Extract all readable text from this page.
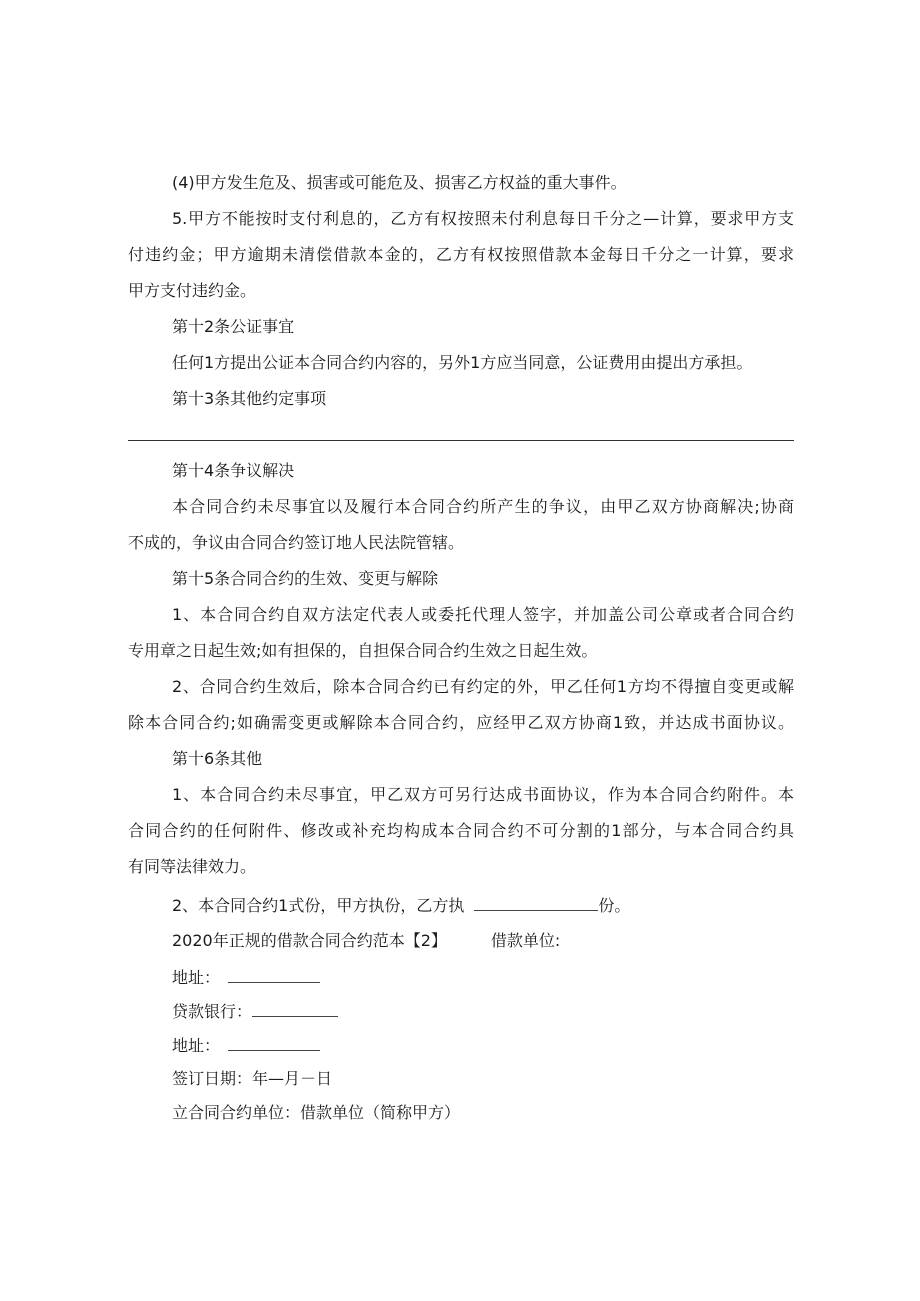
(4)甲方发生危及、损害或可能危及、损害乙方权益的重大事件。
5.甲方不能按时支付利息的，乙方有权按照未付利息每日千分之—计算，要求甲方支
付违约金；甲方逾期未清偿借款本金的，乙方有权按照借款本金每日千分之一计算，要求
甲方支付违约金。
第十2条公证事宜
任何1方提出公证本合同合约内容的，另外1方应当同意，公证费用由提出方承担。
第十3条其他约定事项
第十4条争议解决
本合同合约未尽事宜以及履行本合同合约所产生的争议，由甲乙双方协商解决;协商
不成的，争议由合同合约签订地人民法院管辖。
第十5条合同合约的生效、变更与解除
1、本合同合约自双方法定代表人或委托代理人签字，并加盖公司公章或者合同合约
专用章之日起生效;如有担保的，自担保合同合约生效之日起生效。
2、合同合约生效后，除本合同合约已有约定的外，甲乙任何1方均不得擅自变更或解
除本合同合约;如确需变更或解除本合同合约，应经甲乙双方协商1致，并达成书面协议。
第十6条其他
1、本合同合约未尽事宜，甲乙双方可另行达成书面协议，作为本合同合约附件。本
合同合约的任何附件、修改或补充均构成本合同合约不可分割的1部分，与本合同合约具
有同等法律效力。
2、本合同合约1式份，甲方执份，乙方执	份。
2020年正规的借款合同合约范本【2】	借款单位:
地址：
贷款银行：
地址：
签订日期：年—月－日
立合同合约单位：借款单位（简称甲方）
